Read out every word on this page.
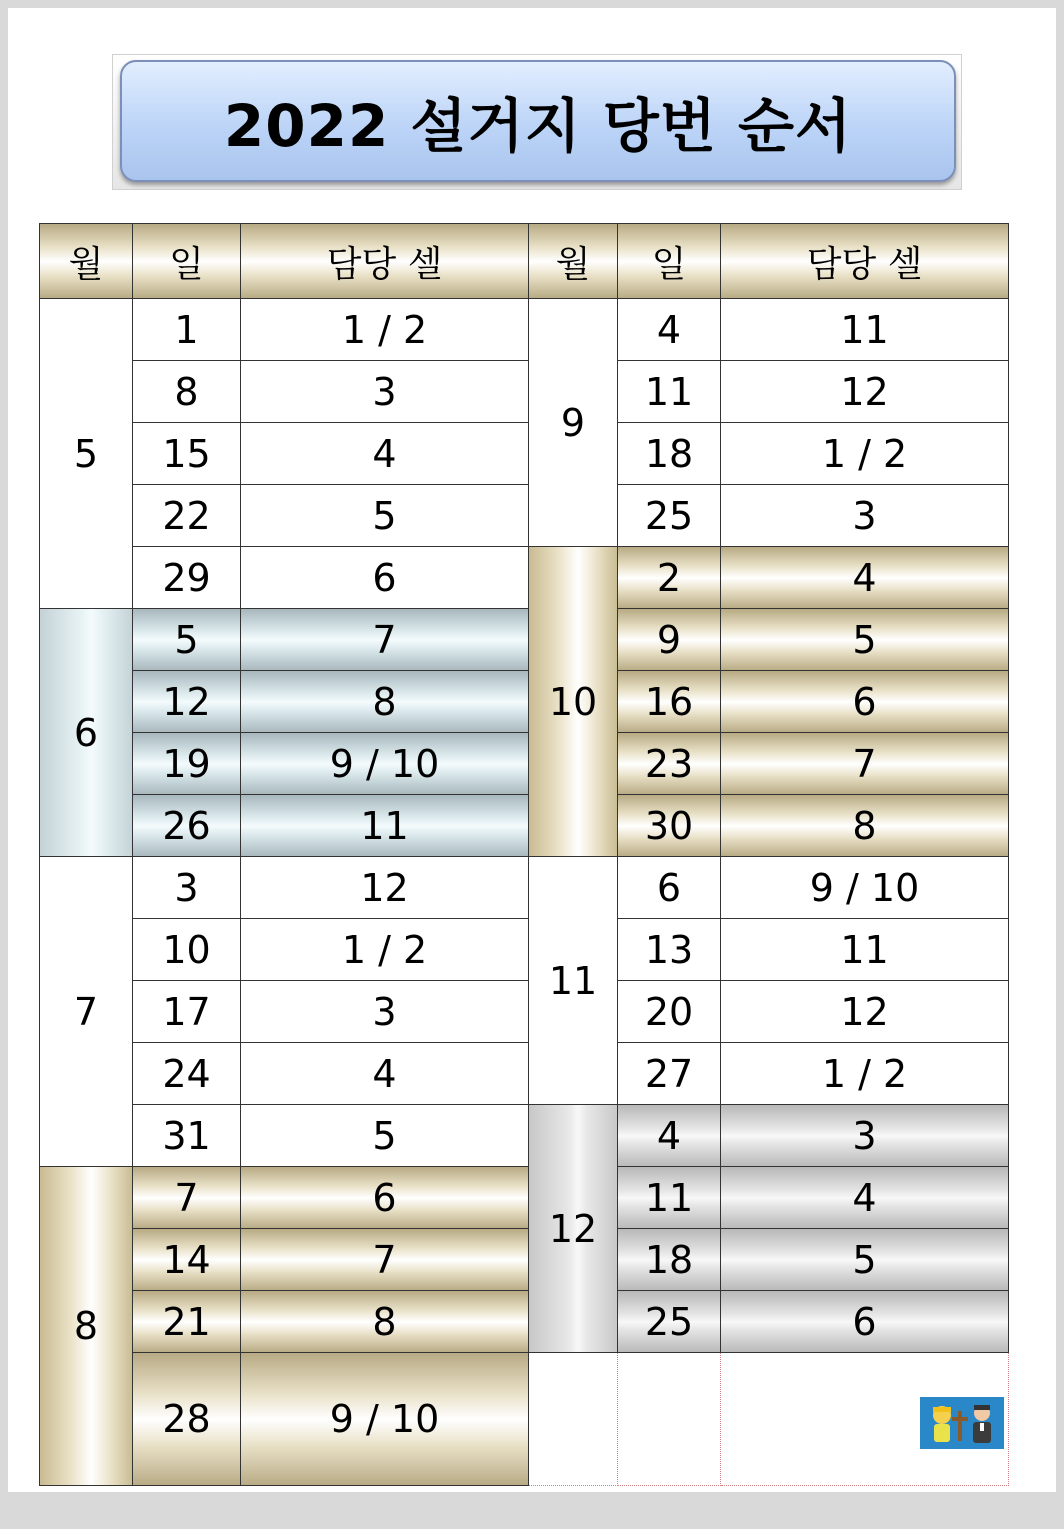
2022 설거지 당번 순서
월	일	담당 셀	월	일	담당 셀
5	1	1 / 2	9	4	11
	8	3		11	12
	15	4		18	1 / 2
	22	5		25	3
	29	6	10	2	4
6	5	7		9	5
	12	8		16	6
	19	9 / 10		23	7
	26	11		30	8
7	3	12	11	6	9 / 10
	10	1 / 2		13	11
	17	3		20	12
	24	4		27	1 / 2
	31	5	12	4	3
8	7	6		11	4
	14	7		18	5
	21	8		25	6
	28	9 / 10			
